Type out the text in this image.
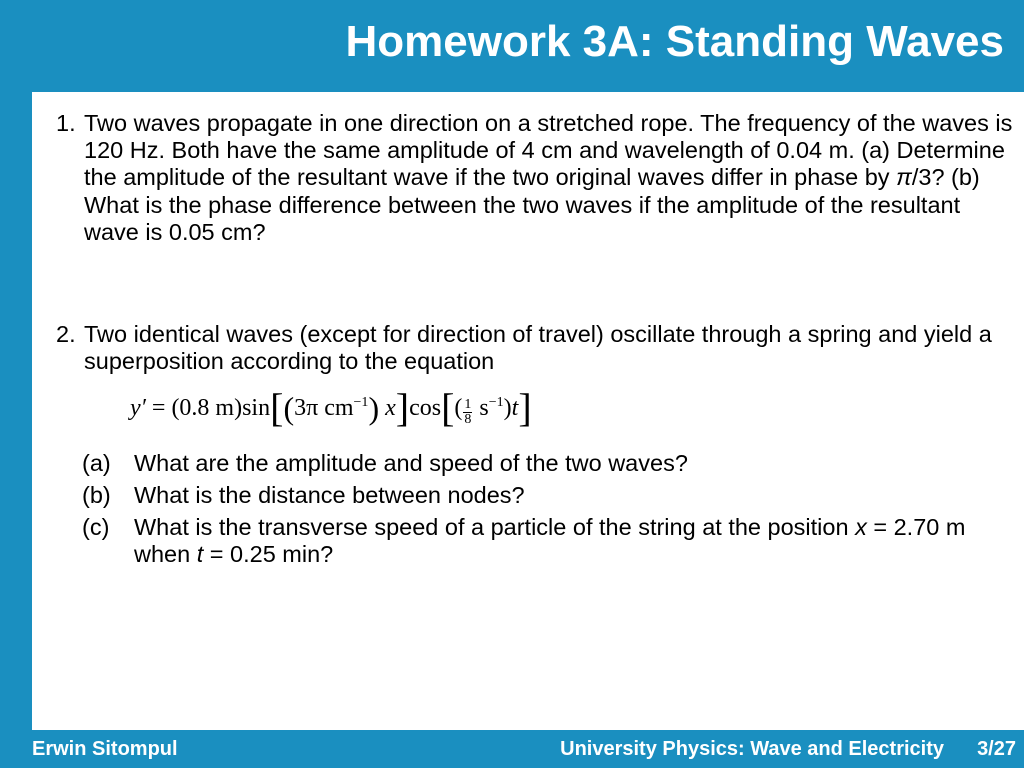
Homework 3A: Standing Waves
1. Two waves propagate in one direction on a stretched rope. The frequency of the waves is 120 Hz. Both have the same amplitude of 4 cm and wavelength of 0.04 m. (a) Determine the amplitude of the resultant wave if the two original waves differ in phase by π/3? (b) What is the phase difference between the two waves if the amplitude of the resultant wave is 0.05 cm?
2. Two identical waves (except for direction of travel) oscillate through a spring and yield a superposition according to the equation
y′ = (0.8 m)sin[(3π $cm^{-1}$) $x]\cos[( \frac{1}{8} s^{-1})t]$
(a) What are the amplitude and speed of the two waves?
(b) What is the distance between nodes?
(c) What is the transverse speed of a particle of the string at the position x = 2.70 m when t = 0.25 min?
Erwin Sitompul	University Physics: Wave and Electricity 3/27
